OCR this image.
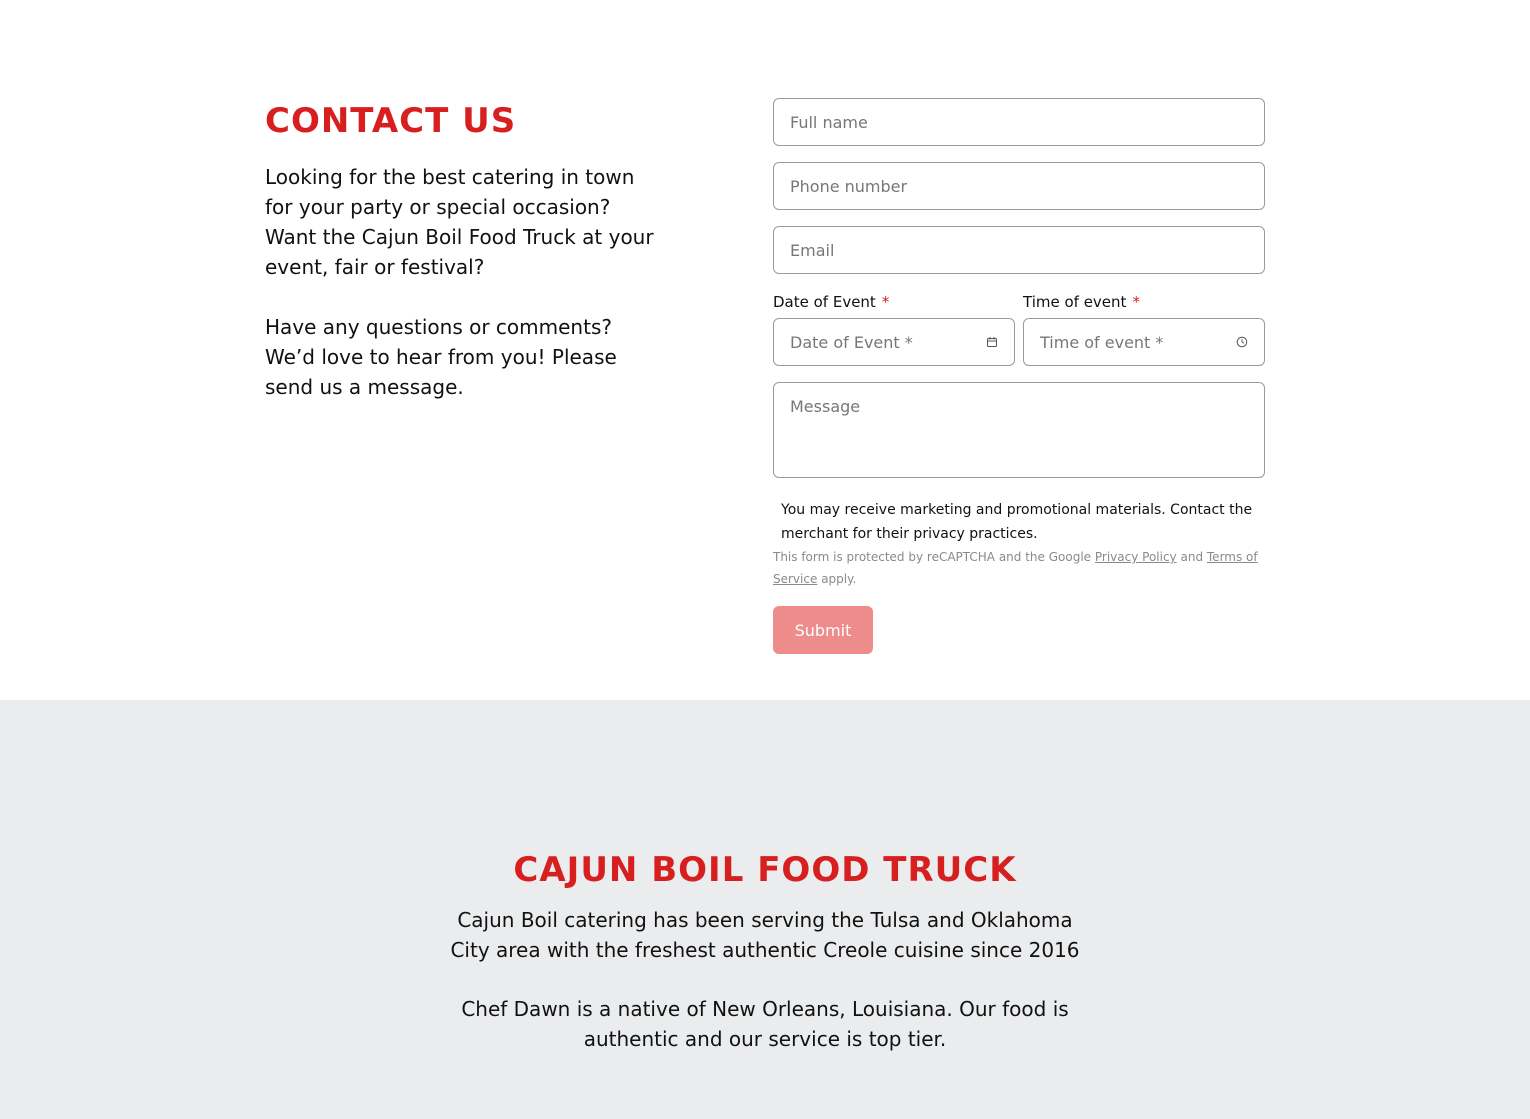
CONTACT US

Looking for the best catering in town for your party or special occasion? Want the Cajun Boil Food Truck at your event, fair or festival?

Have any questions or comments? We’d love to hear from you! Please send us a message.

Full name
Phone number
Email
Date of Event *
Date of Event *
Time of event *
Time of event *
Message

You may receive marketing and promotional materials. Contact the merchant for their privacy practices.

This form is protected by reCAPTCHA and the Google Privacy Policy and Terms of Service apply.

Submit
CAJUN BOIL FOOD TRUCK

Cajun Boil catering has been serving the Tulsa and Oklahoma City area with the freshest authentic Creole cuisine since 2016

Chef Dawn is a native of New Orleans, Louisiana. Our food is authentic and our service is top tier.
